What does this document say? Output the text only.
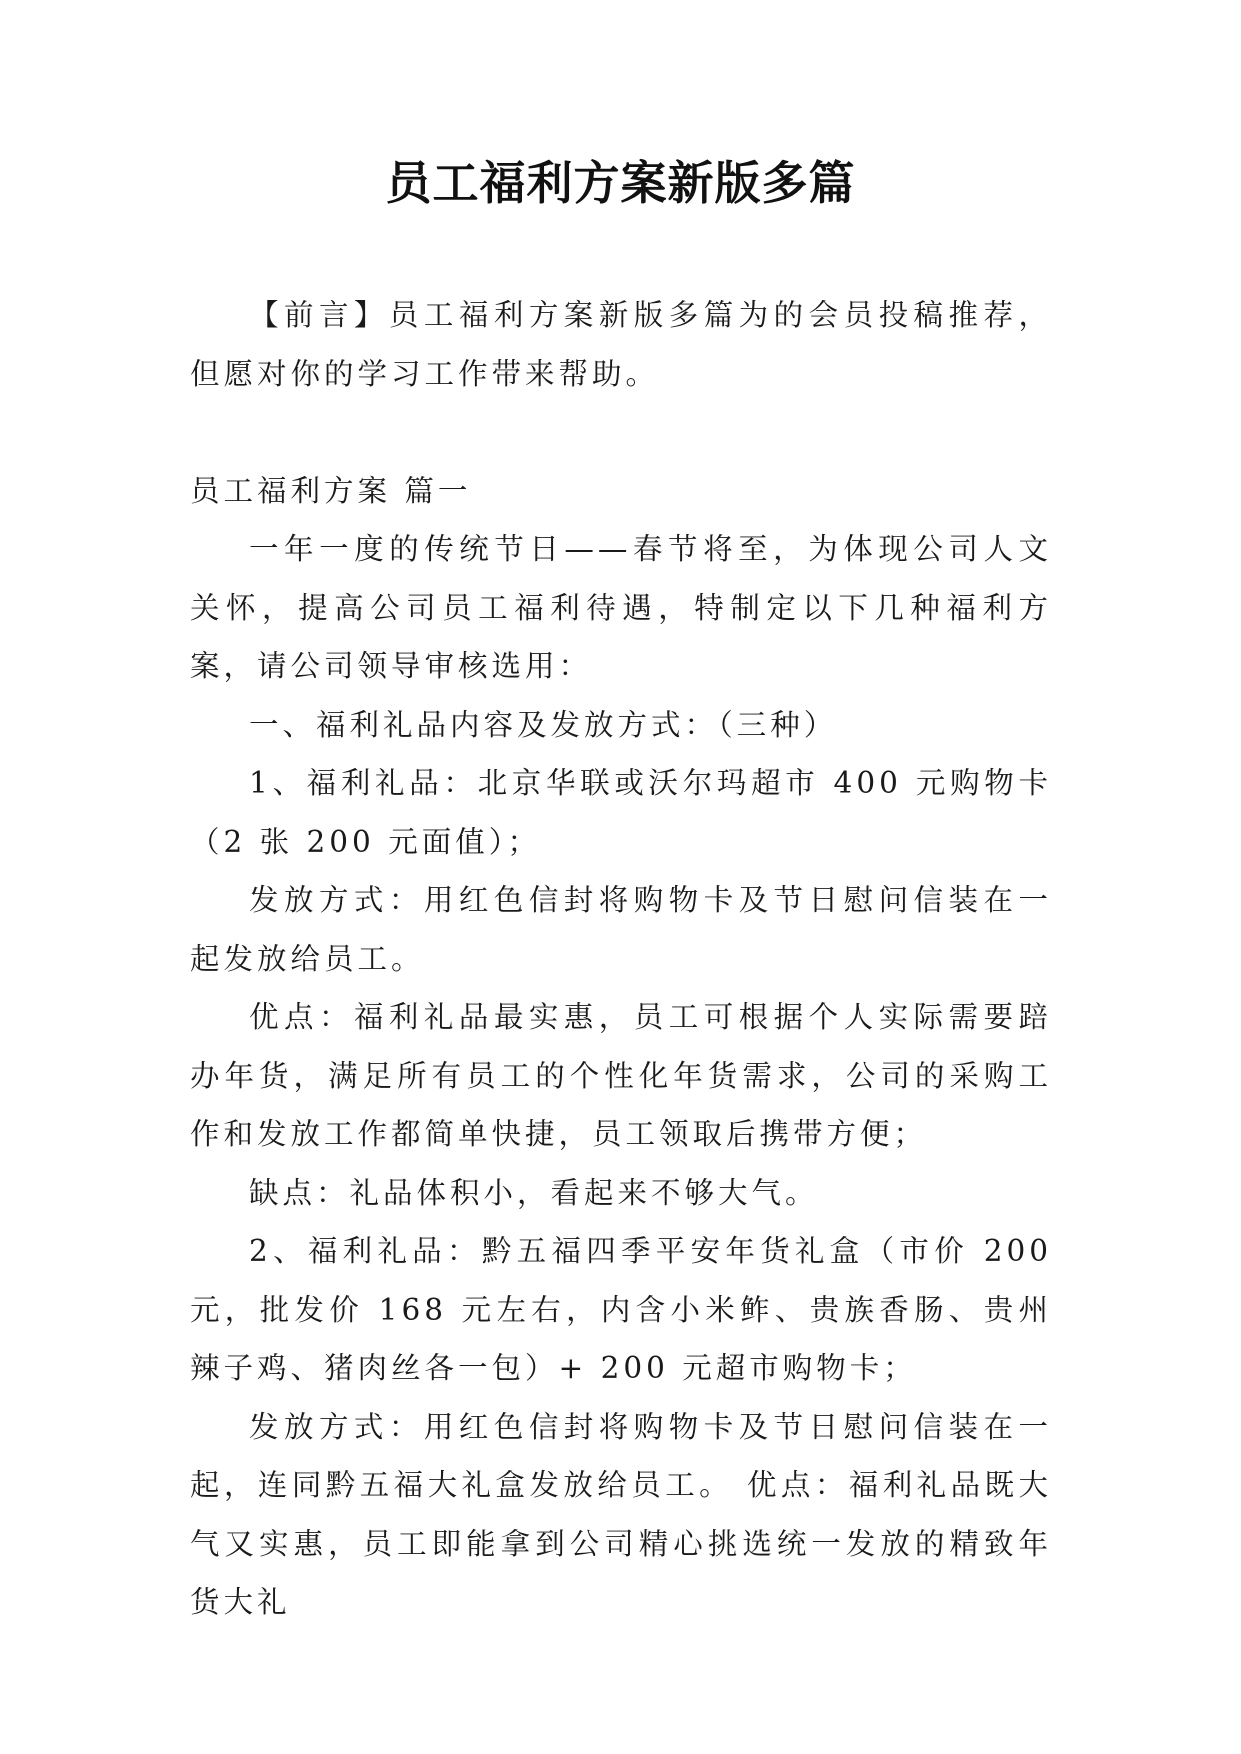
员工福利方案新版多篇

【前言】员工福利方案新版多篇为的会员投稿推荐，但愿对你的学习工作带来帮助。

员工福利方案 篇一

一年一度的传统节日——春节将至，为体现公司人文关怀，提高公司员工福利待遇，特制定以下几种福利方案，请公司领导审核选用：

一、福利礼品内容及发放方式：（三种）

1、福利礼品：北京华联或沃尔玛超市 400 元购物卡（2 张 200 元面值）；

发放方式：用红色信封将购物卡及节日慰问信装在一起发放给员工。

优点：福利礼品最实惠，员工可根据个人实际需要踣办年货，满足所有员工的个性化年货需求，公司的采购工作和发放工作都简单快捷，员工领取后携带方便；

缺点：礼品体积小，看起来不够大气。

2、福利礼品：黔五福四季平安年货礼盒（市价 200 元，批发价 168 元左右，内含小米鲊、贵族香肠、贵州辣子鸡、猪肉丝各一包）+ 200 元超市购物卡；

发放方式：用红色信封将购物卡及节日慰问信装在一起，连同黔五福大礼盒发放给员工。 优点：福利礼品既大气又实惠，员工即能拿到公司精心挑选统一发放的精致年货大礼
